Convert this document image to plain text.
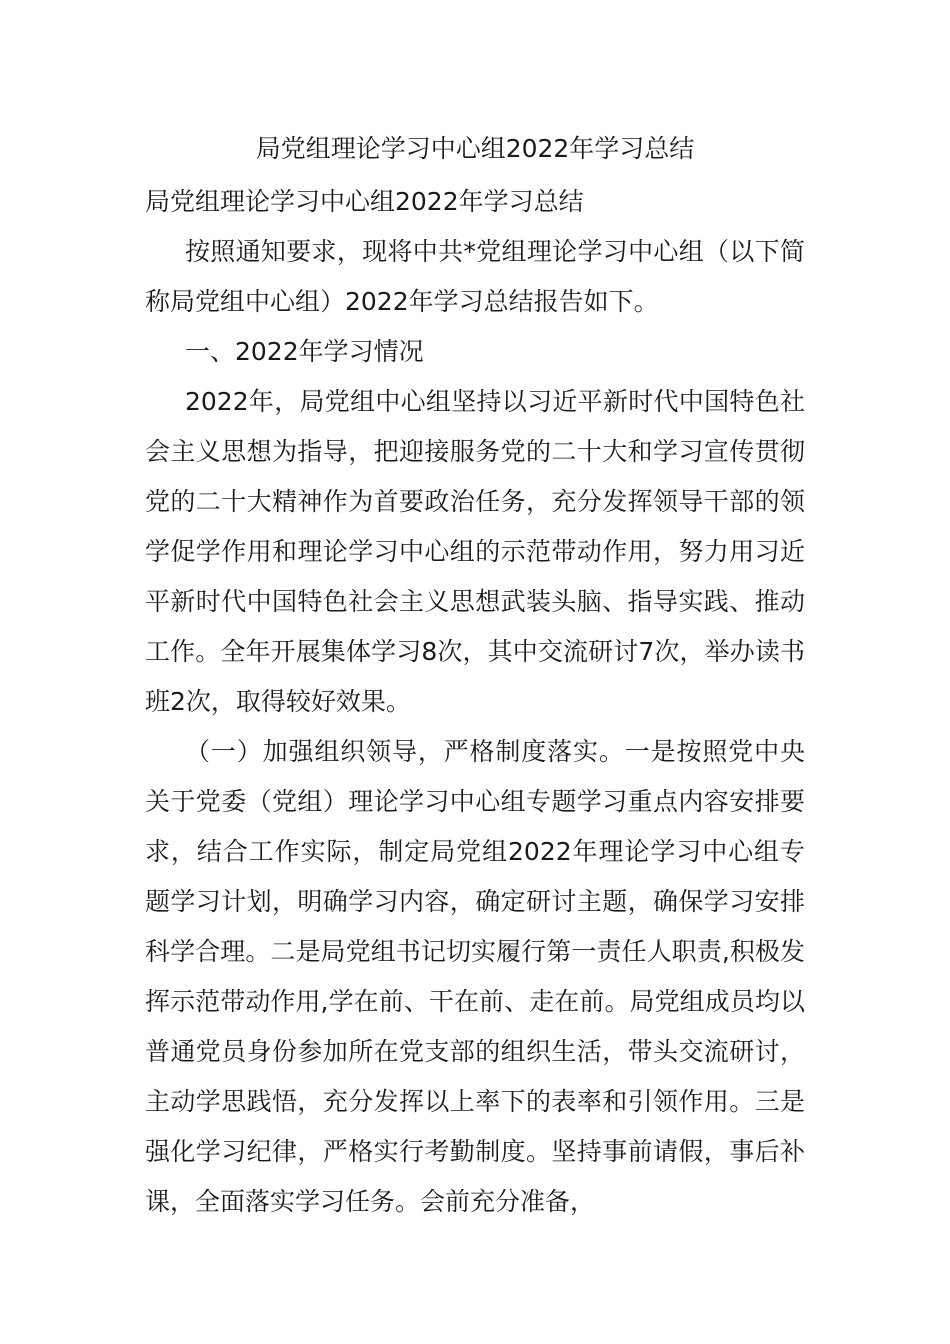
局党组理论学习中心组2022年学习总结

局党组理论学习中心组2022年学习总结

按照通知要求，现将中共*党组理论学习中心组（以下简称局党组中心组）2022年学习总结报告如下。

一、2022年学习情况

2022年，局党组中心组坚持以习近平新时代中国特色社会主义思想为指导，把迎接服务党的二十大和学习宣传贯彻党的二十大精神作为首要政治任务，充分发挥领导干部的领学促学作用和理论学习中心组的示范带动作用，努力用习近平新时代中国特色社会主义思想武装头脑、指导实践、推动工作。全年开展集体学习8次，其中交流研讨7次，举办读书班2次，取得较好效果。

（一）加强组织领导，严格制度落实。一是按照党中央关于党委（党组）理论学习中心组专题学习重点内容安排要求，结合工作实际，制定局党组2022年理论学习中心组专题学习计划，明确学习内容，确定研讨主题，确保学习安排科学合理。二是局党组书记切实履行第一责任人职责,积极发挥示范带动作用,学在前、干在前、走在前。局党组成员均以普通党员身份参加所在党支部的组织生活，带头交流研讨，主动学思践悟，充分发挥以上率下的表率和引领作用。三是强化学习纪律，严格实行考勤制度。坚持事前请假，事后补课，全面落实学习任务。会前充分准备，
